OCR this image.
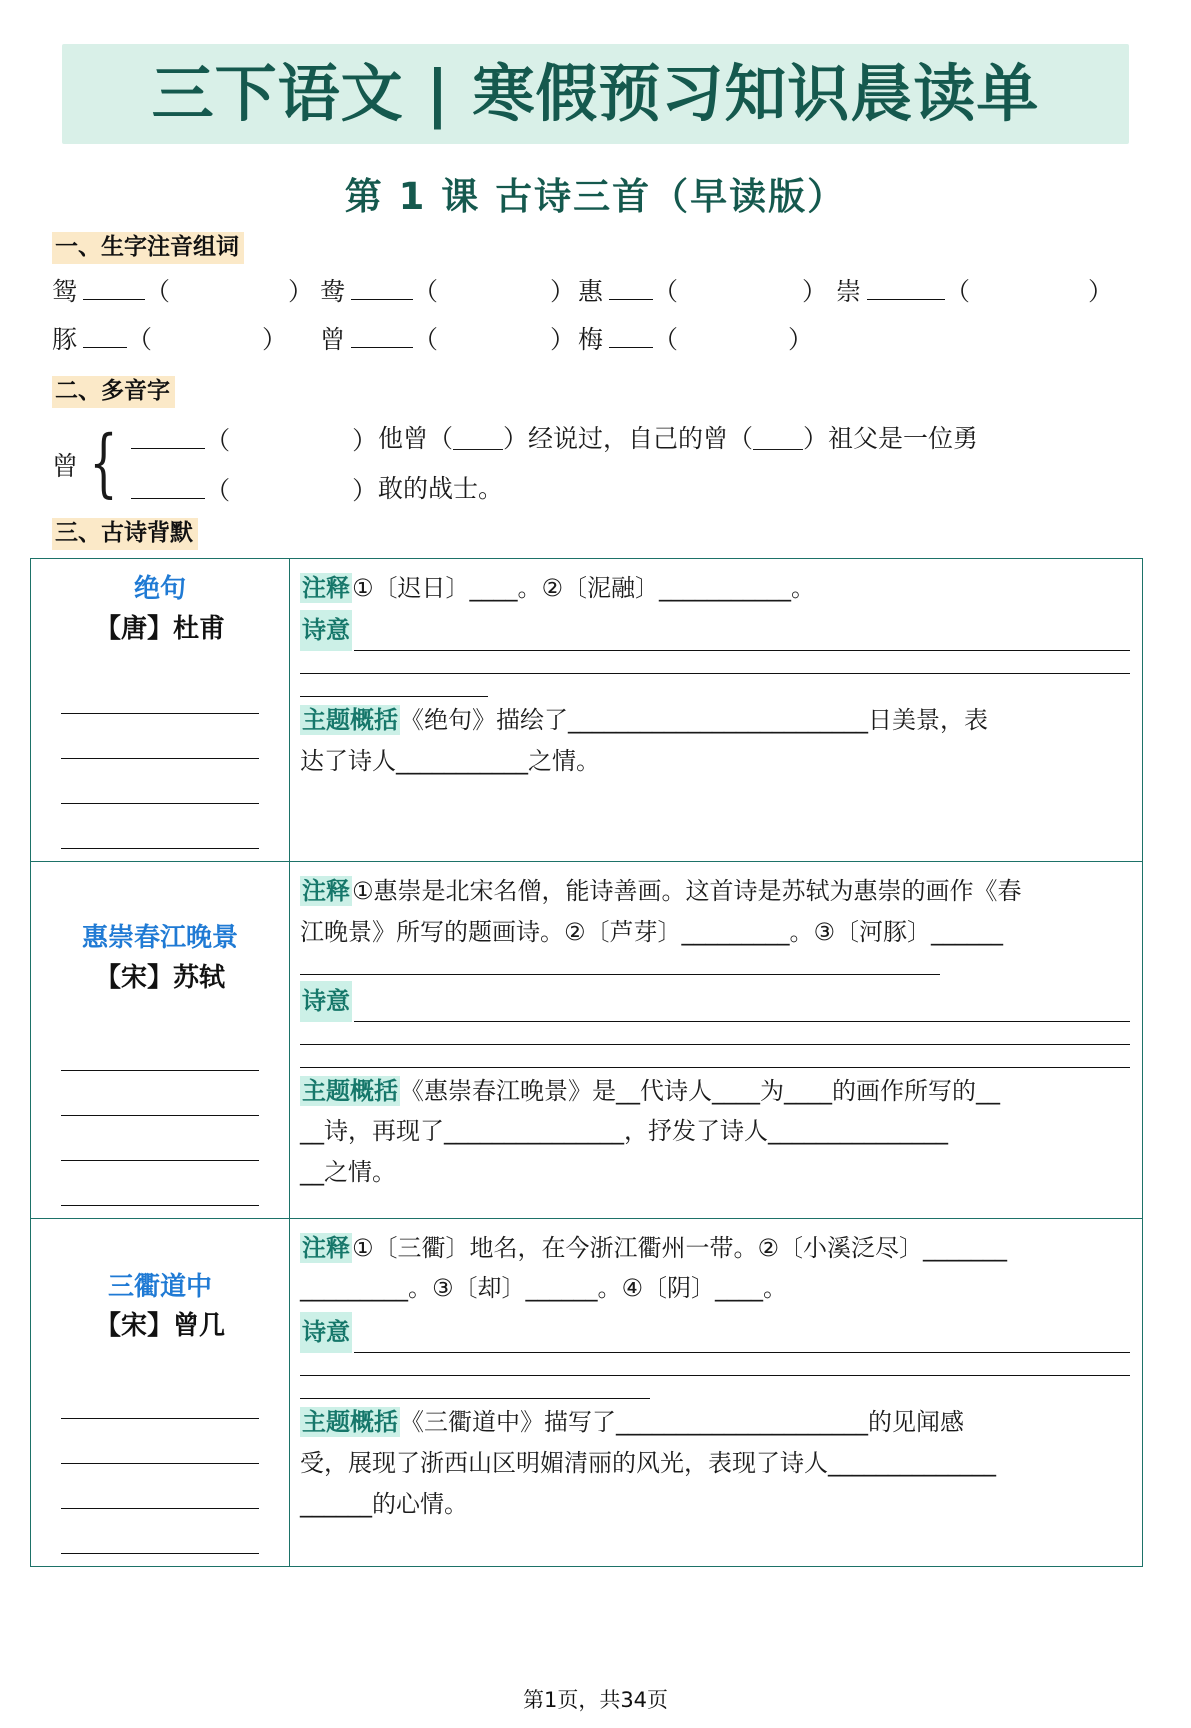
三下语文 | 寒假预习知识晨读单
第 1 课 古诗三首（早读版）
一、生字注音组词
鸳	（	） 鸯	（	） 惠 （	） 崇	（	）
豚 （	） 曾	（	） 梅 （	）
二、多音字
曾 {	（	）
（	）
他曾（＿＿）经说过，自己的曾（＿＿）祖父是一位勇
敢的战士。
三、古诗背默
绝句
【唐】杜甫

注释①〔迟日〕____。②〔泥融〕___________。
诗意
主题概括《绝句》描绘了_________________________日美景，表
达了诗人___________之情。

惠崇春江晚景
【宋】苏轼

注释①惠崇是北宋名僧，能诗善画。这首诗是苏轼为惠崇的画作《春
江晚景》所写的题画诗。②〔芦芽〕_________。③〔河豚〕______
诗意
主题概括《惠崇春江晚景》是__代诗人____为____的画作所写的__
__诗，再现了_______________，抒发了诗人_______________
__之情。

三衢道中
【宋】曾几

注释①〔三衢〕地名，在今浙江衢州一带。②〔小溪泛尽〕_______
_________。③〔却〕______。④〔阴〕____。
诗意
主题概括《三衢道中》描写了_____________________的见闻感
受，展现了浙西山区明媚清丽的风光，表现了诗人______________
______的心情。
第1页，共34页
